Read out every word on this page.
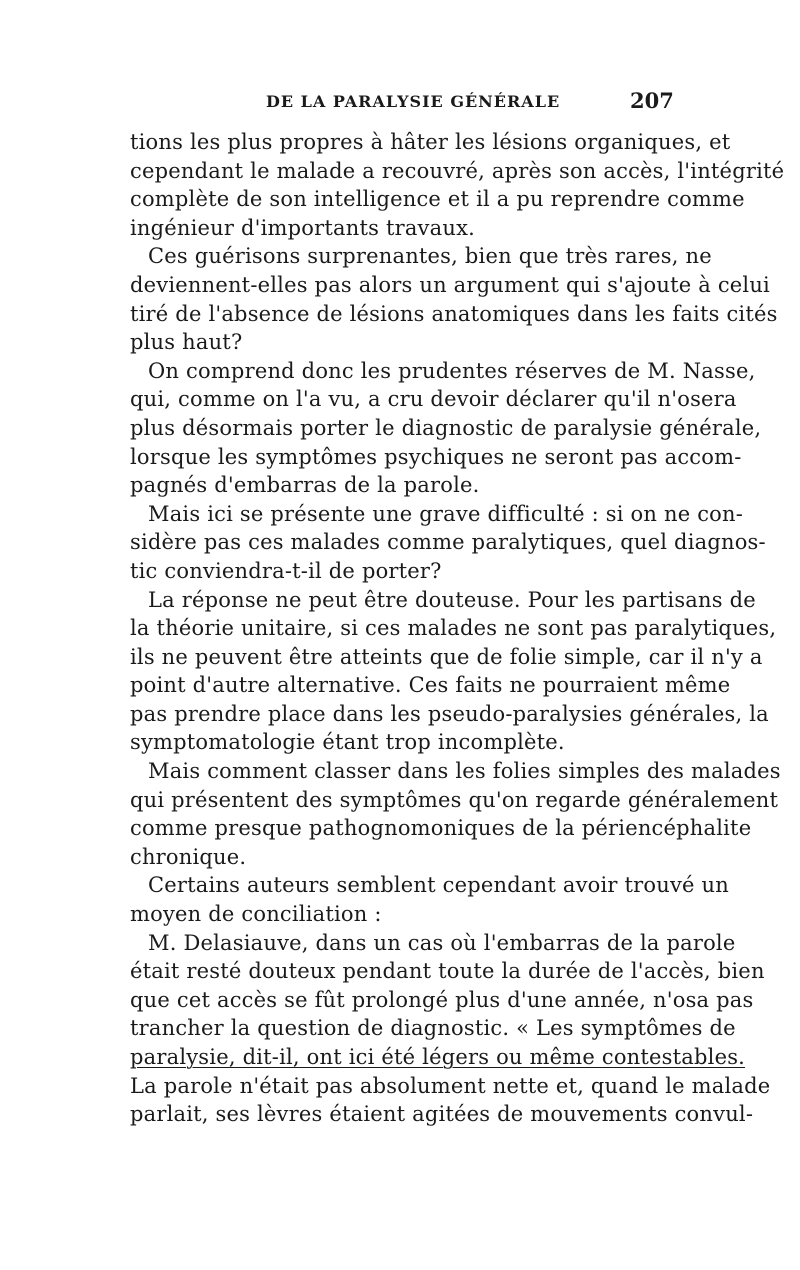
DE LA PARALYSIE GÉNÉRALE	207
tions les plus propres à hâter les lésions organiques, et
cependant le malade a recouvré, après son accès, l'intégrité
complète de son intelligence et il a pu reprendre comme
ingénieur d'importants travaux.
Ces guérisons surprenantes, bien que très rares, ne
deviennent-elles pas alors un argument qui s'ajoute à celui
tiré de l'absence de lésions anatomiques dans les faits cités
plus haut?
On comprend donc les prudentes réserves de M. Nasse,
qui, comme on l'a vu, a cru devoir déclarer qu'il n'osera
plus désormais porter le diagnostic de paralysie générale,
lorsque les symptômes psychiques ne seront pas accom-
pagnés d'embarras de la parole.
Mais ici se présente une grave difficulté : si on ne con-
sidère pas ces malades comme paralytiques, quel diagnos-
tic conviendra-t-il de porter?
La réponse ne peut être douteuse. Pour les partisans de
la théorie unitaire, si ces malades ne sont pas paralytiques,
ils ne peuvent être atteints que de folie simple, car il n'y a
point d'autre alternative. Ces faits ne pourraient même
pas prendre place dans les pseudo-paralysies générales, la
symptomatologie étant trop incomplète.
Mais comment classer dans les folies simples des malades
qui présentent des symptômes qu'on regarde généralement
comme presque pathognomoniques de la périencéphalite
chronique.
Certains auteurs semblent cependant avoir trouvé un
moyen de conciliation :
M. Delasiauve, dans un cas où l'embarras de la parole
était resté douteux pendant toute la durée de l'accès, bien
que cet accès se fût prolongé plus d'une année, n'osa pas
trancher la question de diagnostic. « Les symptômes de
paralysie, dit-il, ont ici été légers ou même contestables.
La parole n'était pas absolument nette et, quand le malade
parlait, ses lèvres étaient agitées de mouvements convul-
